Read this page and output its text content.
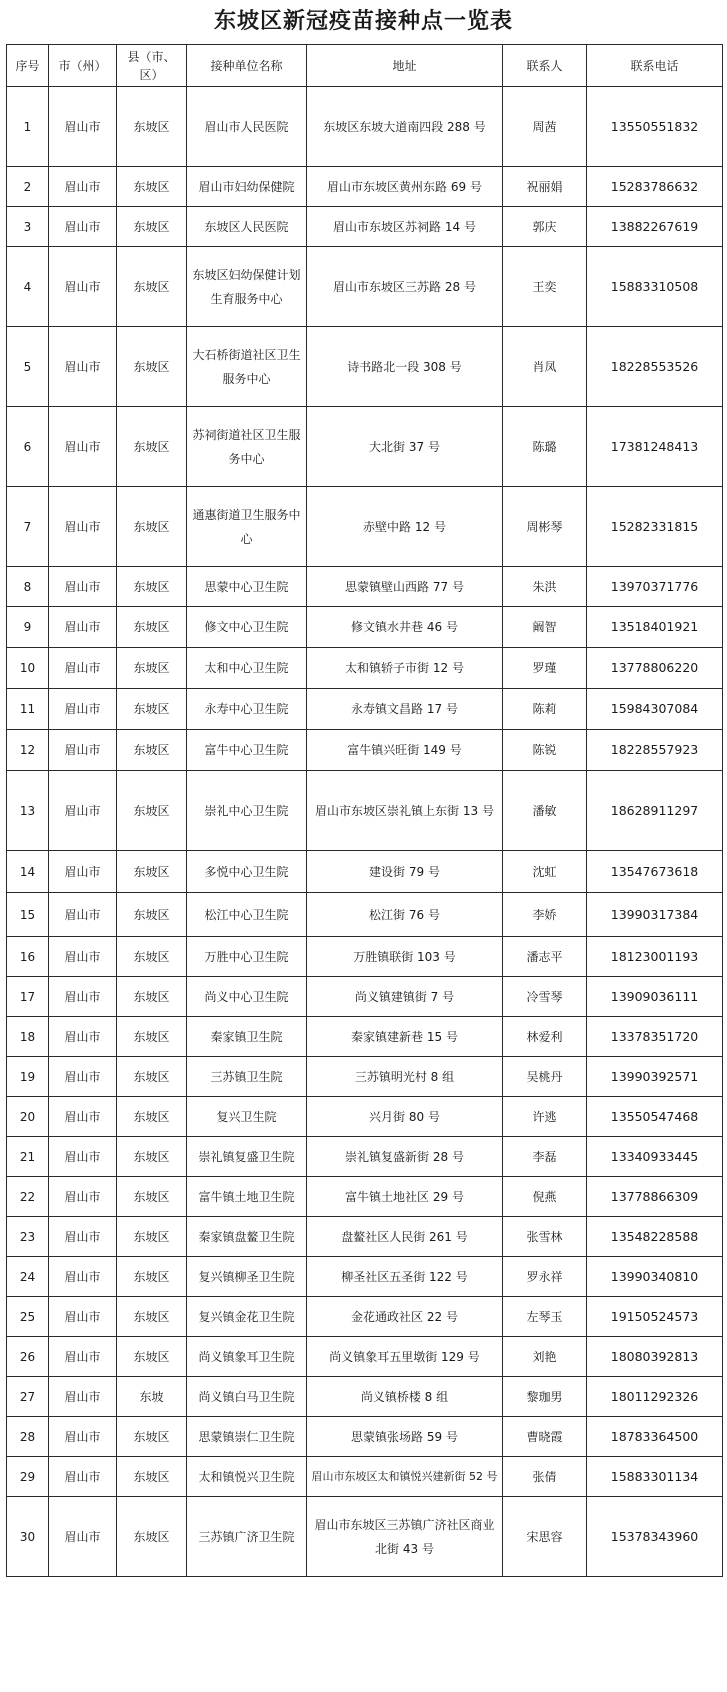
东坡区新冠疫苗接种点一览表
序号	市（州）	县（市、区）	接种单位名称	地址	联系人	联系电话
1	眉山市	东坡区	眉山市人民医院	东坡区东坡大道南四段 288 号	周茜	13550551832
2	眉山市	东坡区	眉山市妇幼保健院	眉山市东坡区黄州东路 69 号	祝丽娟	15283786632
3	眉山市	东坡区	东坡区人民医院	眉山市东坡区苏祠路 14 号	郭庆	13882267619
4	眉山市	东坡区	东坡区妇幼保健计划生育服务中心	眉山市东坡区三苏路 28 号	王奕	15883310508
5	眉山市	东坡区	大石桥街道社区卫生服务中心	诗书路北一段 308 号	肖凤	18228553526
6	眉山市	东坡区	苏祠街道社区卫生服务中心	大北街 37 号	陈璐	17381248413
7	眉山市	东坡区	通惠街道卫生服务中心	赤壁中路 12 号	周彬琴	15282331815
8	眉山市	东坡区	思蒙中心卫生院	思蒙镇壁山西路 77 号	朱洪	13970371776
9	眉山市	东坡区	修文中心卫生院	修文镇水井巷 46 号	阚智	13518401921
10	眉山市	东坡区	太和中心卫生院	太和镇轿子市街 12 号	罗瑾	13778806220
11	眉山市	东坡区	永寿中心卫生院	永寿镇文昌路 17 号	陈莉	15984307084
12	眉山市	东坡区	富牛中心卫生院	富牛镇兴旺街 149 号	陈锐	18228557923
13	眉山市	东坡区	崇礼中心卫生院	眉山市东坡区崇礼镇上东街 13 号	潘敏	18628911297
14	眉山市	东坡区	多悦中心卫生院	建设街 79 号	沈虹	13547673618
15	眉山市	东坡区	松江中心卫生院	松江街 76 号	李娇	13990317384
16	眉山市	东坡区	万胜中心卫生院	万胜镇联街 103 号	潘志平	18123001193
17	眉山市	东坡区	尚义中心卫生院	尚义镇建镇街 7 号	冷雪琴	13909036111
18	眉山市	东坡区	秦家镇卫生院	秦家镇建新巷 15 号	林爱利	13378351720
19	眉山市	东坡区	三苏镇卫生院	三苏镇明光村 8 组	吴桃丹	13990392571
20	眉山市	东坡区	复兴卫生院	兴月街 80 号	许逃	13550547468
21	眉山市	东坡区	崇礼镇复盛卫生院	崇礼镇复盛新街 28 号	李磊	13340933445
22	眉山市	东坡区	富牛镇土地卫生院	富牛镇土地社区 29 号	倪燕	13778866309
23	眉山市	东坡区	秦家镇盘鳌卫生院	盘鳌社区人民街 261 号	张雪林	13548228588
24	眉山市	东坡区	复兴镇柳圣卫生院	柳圣社区五圣街 122 号	罗永祥	13990340810
25	眉山市	东坡区	复兴镇金花卫生院	金花通政社区 22 号	左琴玉	19150524573
26	眉山市	东坡区	尚义镇象耳卫生院	尚义镇象耳五里墩街 129 号	刘艳	18080392813
27	眉山市	东坡	尚义镇白马卫生院	尚义镇桥楼 8 组	黎珈男	18011292326
28	眉山市	东坡区	思蒙镇崇仁卫生院	思蒙镇张场路 59 号	曹晓霞	18783364500
29	眉山市	东坡区	太和镇悦兴卫生院	眉山市东坡区太和镇悦兴建新街 52 号	张倩	15883301134
30	眉山市	东坡区	三苏镇广济卫生院	眉山市东坡区三苏镇广济社区商业北街 43 号	宋思容	15378343960
